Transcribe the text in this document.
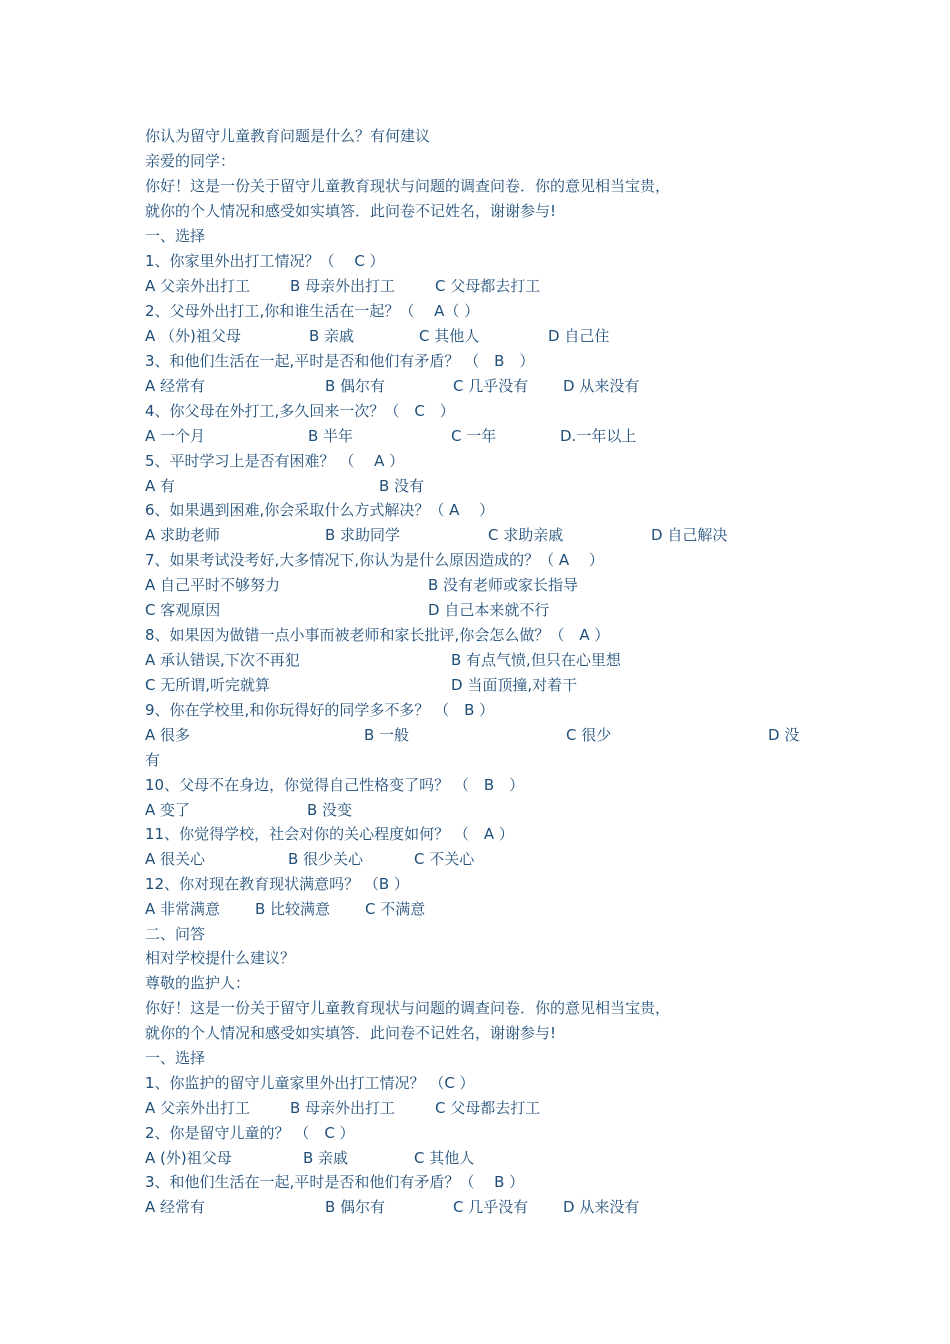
你认为留守儿童教育问题是什么？有何建议
亲爱的同学：
你好！这是一份关于留守儿童教育现状与问题的调查问卷．你的意见相当宝贵，
就你的个人情况和感受如实填答．此问卷不记姓名，谢谢参与!
一、选择
1、你家里外出打工情况？（ 　C ）
A 父亲外出打工	B 母亲外出打工	C 父母都去打工
2、父母外出打工,你和谁生活在一起？（ 　A（ ）
A （外)祖父母	B 亲戚	C 其他人	D 自己住
3、和他们生活在一起,平时是否和他们有矛盾？ （　B　）
A 经常有	B 偶尔有	C 几乎没有 D 从来没有
4、你父母在外打工,多久回来一次？（　C　）
A 一个月	B 半年	C 一年	D.一年以上
5、平时学习上是否有困难？ （　 A ）
A 有	B 没有
6、如果遇到困难,你会采取什么方式解决？（ A 　）
A 求助老师	B 求助同学	C 求助亲戚	D 自己解决
7、如果考试没考好,大多情况下,你认为是什么原因造成的？（ A 　）
A 自己平时不够努力	B 没有老师或家长指导
C 客观原因	D 自己本来就不行
8、如果因为做错一点小事而被老师和家长批评,你会怎么做？（　A ）
A 承认错误,下次不再犯	B 有点气愤,但只在心里想
C 无所谓,听完就算	D 当面顶撞,对着干
9、你在学校里,和你玩得好的同学多不多？ （　B ）
A 很多	B 一般	C 很少	D 没
有
10、父母不在身边，你觉得自己性格变了吗？ （　B　）
A 变了	B 没变
11、你觉得学校，社会对你的关心程度如何？ （　A ）
A 很关心	B 很少关心	C 不关心
12、你对现在教育现状满意吗？ （B ）
A 非常满意 B 比较满意 C 不满意
二、问答
相对学校提什么建议？
尊敬的监护人：
你好！这是一份关于留守儿童教育现状与问题的调查问卷．你的意见相当宝贵，
就你的个人情况和感受如实填答．此问卷不记姓名，谢谢参与!
一、选择
1、你监护的留守儿童家里外出打工情况？ （C ）
A 父亲外出打工	B 母亲外出打工	C 父母都去打工
2、你是留守儿童的？ （　C ）
A (外)祖父母	B 亲戚	C 其他人
3、和他们生活在一起,平时是否和他们有矛盾？（　 B ）
A 经常有	B 偶尔有	C 几乎没有 D 从来没有
